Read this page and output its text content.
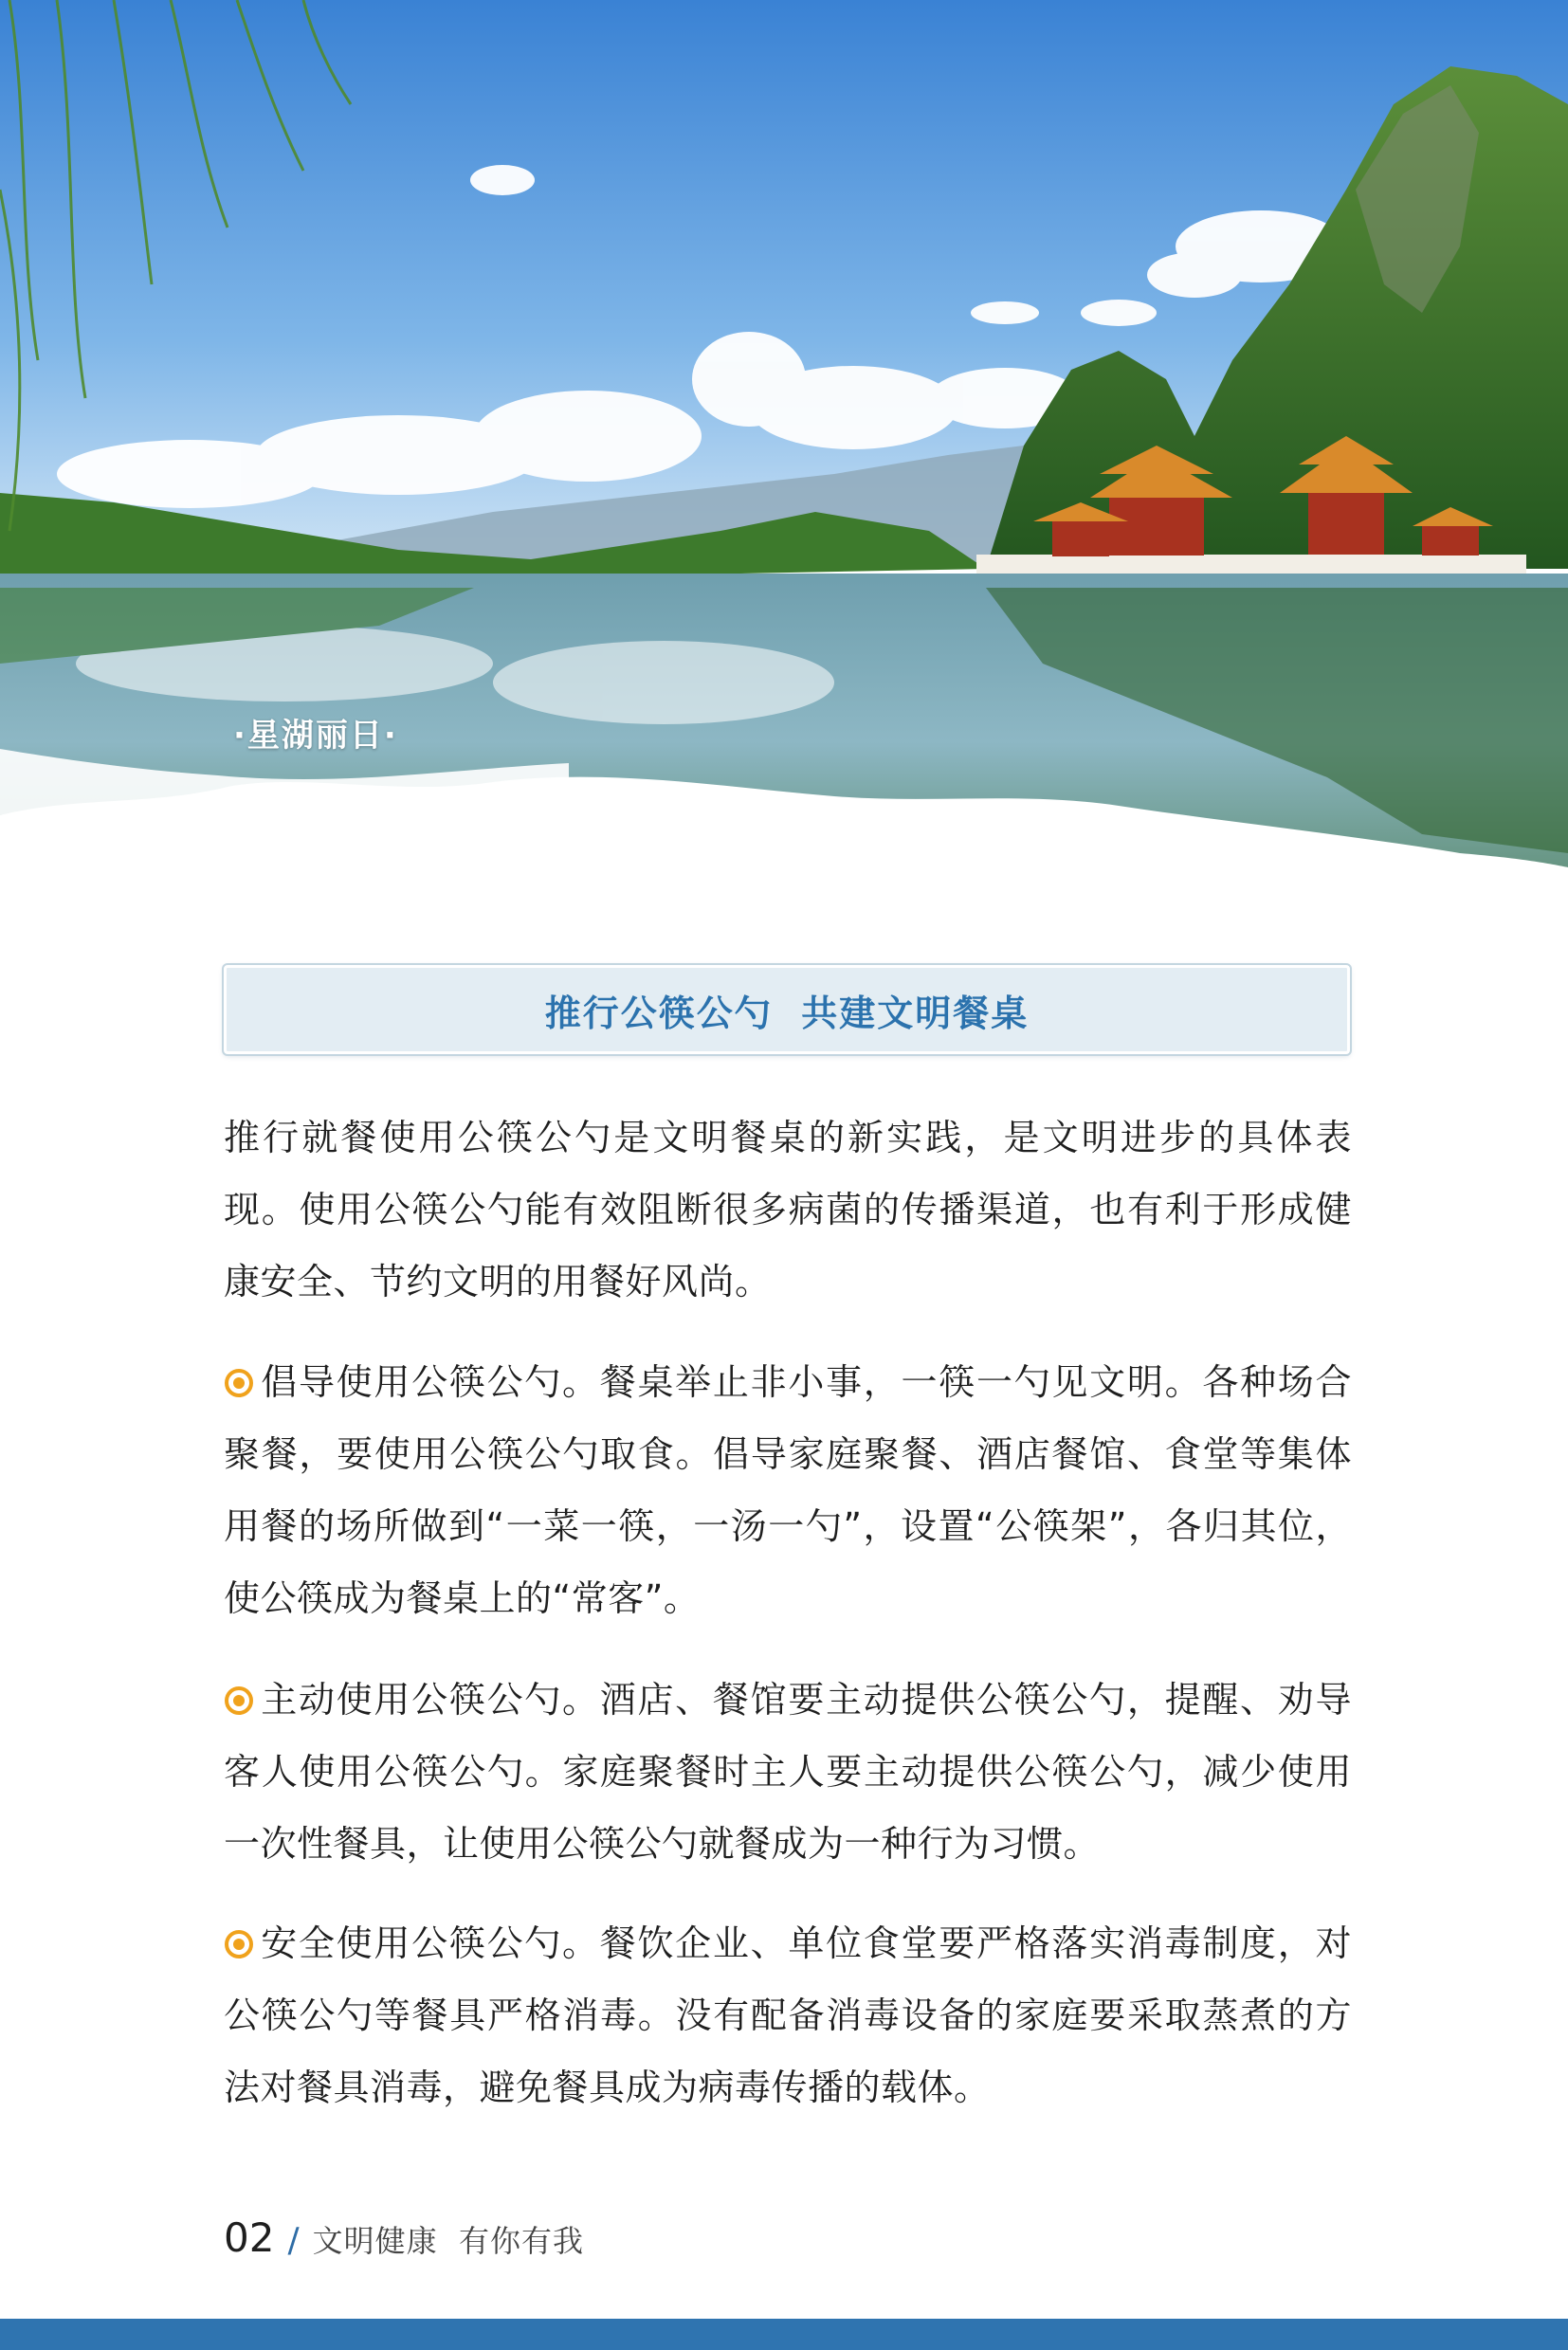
·星湖丽日·
推行公筷公勺  共建文明餐桌

推行就餐使用公筷公勺是文明餐桌的新实践，是文明进步的具体表现。使用公筷公勺能有效阻断很多病菌的传播渠道，也有利于形成健康安全、节约文明的用餐好风尚。

倡导使用公筷公勺。餐桌举止非小事，一筷一勺见文明。各种场合聚餐，要使用公筷公勺取食。倡导家庭聚餐、酒店餐馆、食堂等集体用餐的场所做到“一菜一筷，一汤一勺”，设置“公筷架”，各归其位，使公筷成为餐桌上的“常客”。

主动使用公筷公勺。酒店、餐馆要主动提供公筷公勺，提醒、劝导客人使用公筷公勺。家庭聚餐时主人要主动提供公筷公勺，减少使用一次性餐具，让使用公筷公勺就餐成为一种行为习惯。

安全使用公筷公勺。餐饮企业、单位食堂要严格落实消毒制度，对公筷公勺等餐具严格消毒。没有配备消毒设备的家庭要采取蒸煮的方法对餐具消毒，避免餐具成为病毒传播的载体。

02 / 文明健康  有你有我
